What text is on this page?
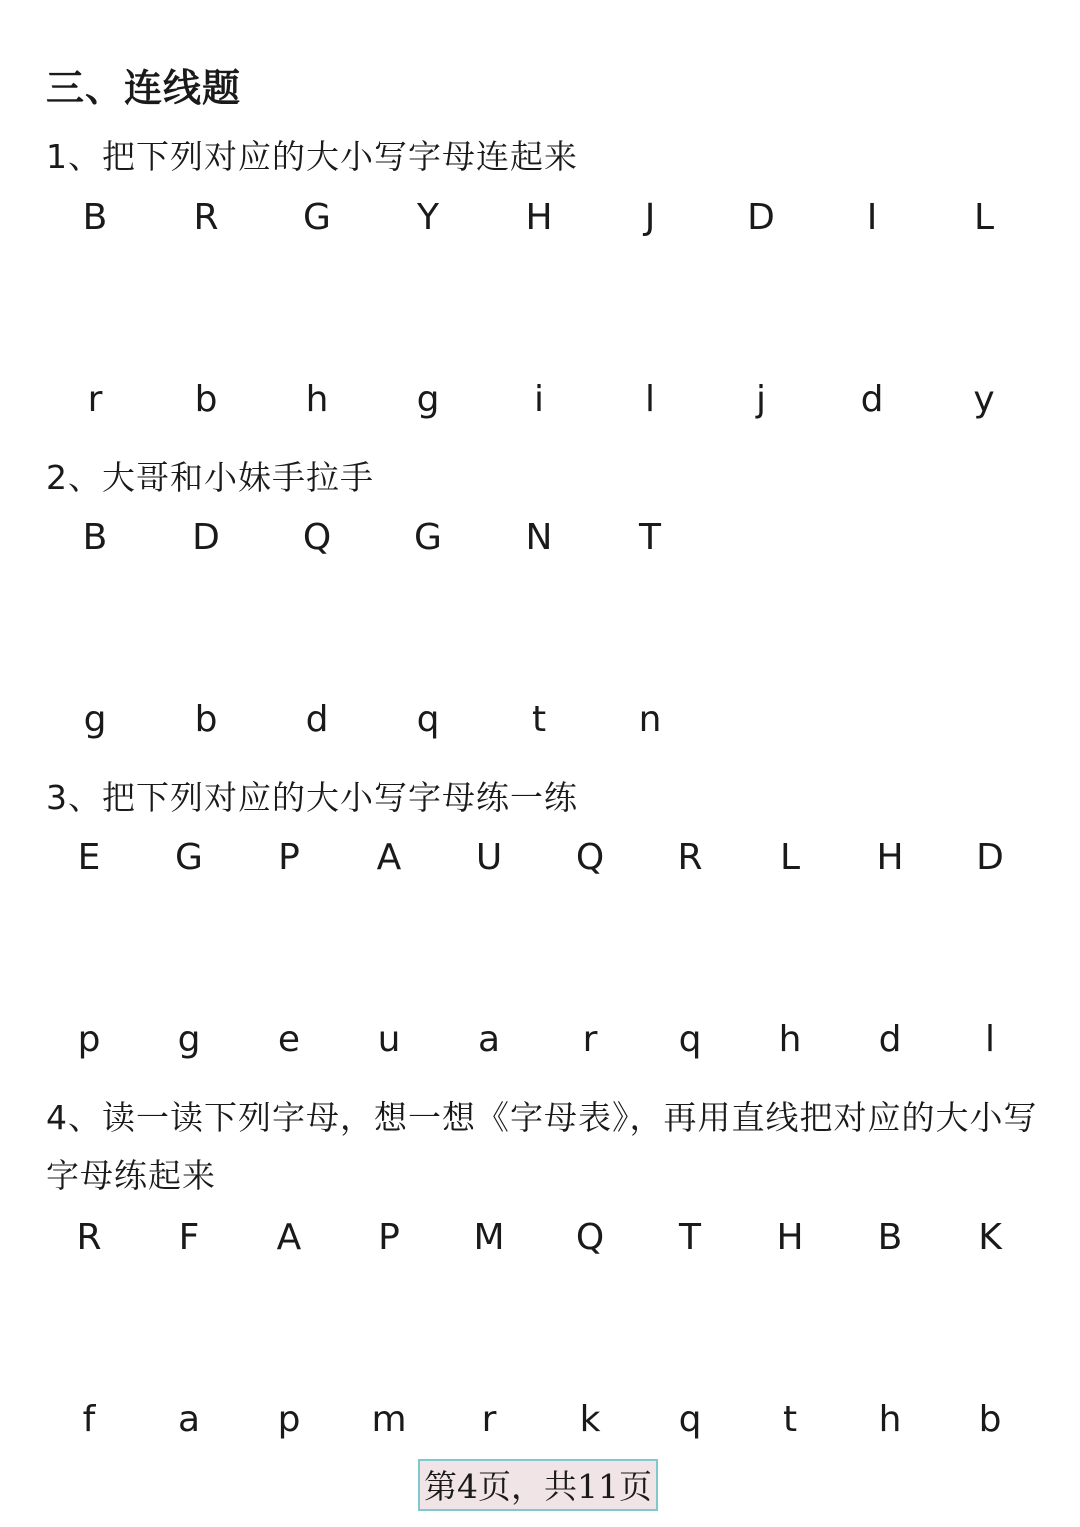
三、连线题

1、把下列对应的大小写字母连起来

B	R	G	Y	H	J	D	I	L
r	b	h	g	i	l	j	d	y

2、大哥和小妹手拉手

B	D	Q	G	N	T
g	b	d	q	t	n

3、把下列对应的大小写字母练一练

E	G	P	A	U	Q	R	L	H	D
p	g	e	u	a	r	q	h	d	l

4、读一读下列字母，想一想《字母表》，再用直线把对应的大小写字母练起来

R	F	A	P	M	Q	T	H	B	K
f	a	p	m	r	k	q	t	h	b
第4页，共11页
